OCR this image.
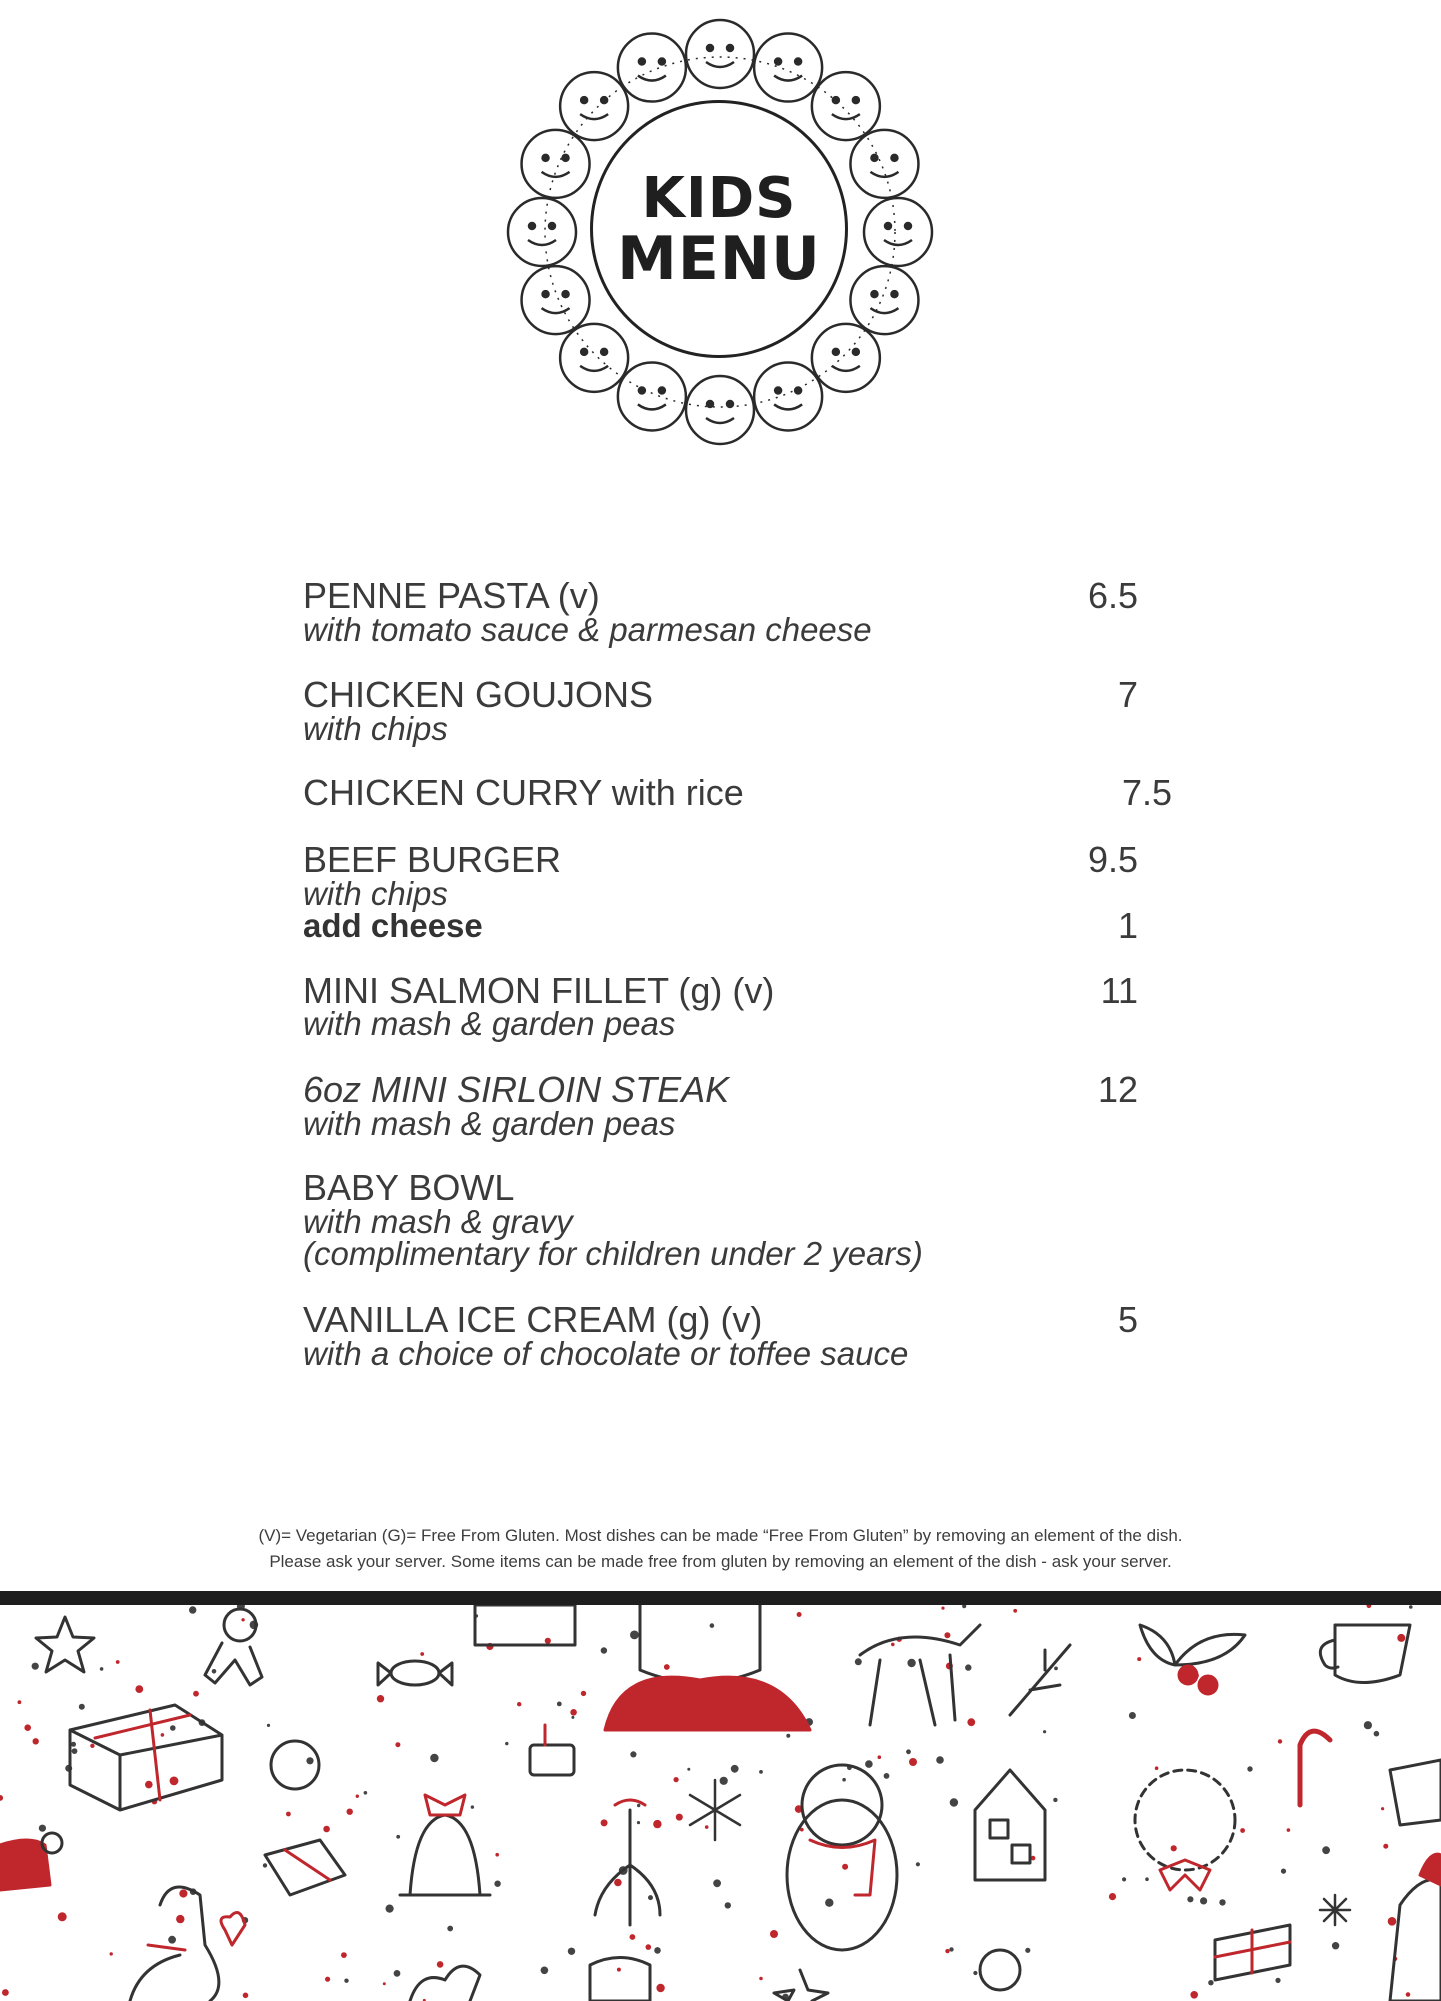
KIDS
MENU
PENNE PASTA (v)
with tomato sauce & parmesan cheese
6.5
CHICKEN GOUJONS
with chips
7
CHICKEN CURRY with rice	7.5
BEEF BURGER
with chips
add cheese
9.5
1
MINI SALMON FILLET (g) (v)
with mash & garden peas
11
6oz MINI SIRLOIN STEAK
with mash & garden peas
12
BABY BOWL
with mash & gravy
(complimentary for children under 2 years)
VANILLA ICE CREAM (g) (v)
with a choice of chocolate or toffee sauce
5
(V)= Vegetarian (G)= Free From Gluten. Most dishes can be made “Free From Gluten” by removing an element of the dish.
Please ask your server. Some items can be made free from gluten by removing an element of the dish - ask your server.
